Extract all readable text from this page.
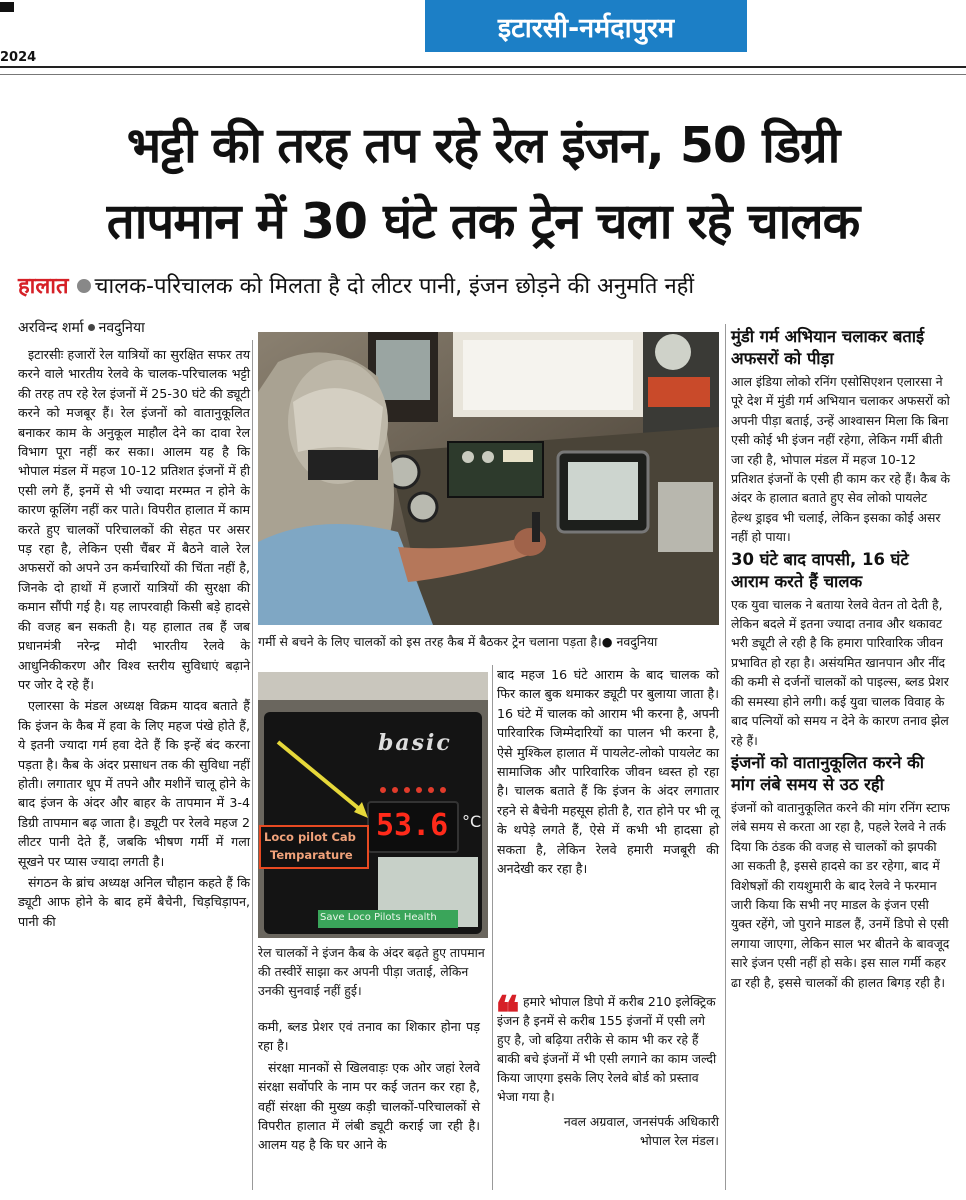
2024
इटारसी-नर्मदापुरम
भट्टी की तरह तप रहे रेल इंजन, 50 डिग्री
तापमान में 30 घंटे तक ट्रेन चला रहे चालक
हालात चालक-परिचालक को मिलता है दो लीटर पानी, इंजन छोड़ने की अनुमति नहीं
अरविन्द शर्मा नवदुनिया

इटारसीः हजारों रेल यात्रियों का सुरक्षित सफर तय करने वाले भारतीय रेलवे के चालक-परिचालक भट्टी की तरह तप रहे रेल इंजनों में 25-30 घंटे की ड्यूटी करने को मजबूर हैं। रेल इंजनों को वातानुकूलित बनाकर काम के अनुकूल माहौल देने का दावा रेल विभाग पूरा नहीं कर सका। आलम यह है कि भोपाल मंडल में महज 10-12 प्रतिशत इंजनों में ही एसी लगे हैं, इनमें से भी ज्यादा मरम्मत न होने के कारण कूलिंग नहीं कर पाते। विपरीत हालात में काम करते हुए चालकों परिचालकों की सेहत पर असर पड़ रहा है, लेकिन एसी चैंबर में बैठने वाले रेल अफसरों को अपने उन कर्मचारियों की चिंता नहीं है, जिनके दो हाथों में हजारों यात्रियों की सुरक्षा की कमान सौंपी गई है। यह लापरवाही किसी बड़े हादसे की वजह बन सकती है। यह हालात तब हैं जब प्रधानमंत्री नरेन्द्र मोदी भारतीय रेलवे के आधुनिकीकरण और विश्व स्तरीय सुविधाएं बढ़ाने पर जोर दे रहे हैं।

एलारसा के मंडल अध्यक्ष विक्रम यादव बताते हैं कि इंजन के कैब में हवा के लिए महज पंखे होते हैं, ये इतनी ज्यादा गर्म हवा देते हैं कि इन्हें बंद करना पड़ता है। कैब के अंदर प्रसाधन तक की सुविधा नहीं होती। लगातार धूप में तपने और मशीनें चालू होने के बाद इंजन के अंदर और बाहर के तापमान में 3-4 डिग्री तापमान बढ़ जाता है। ड्यूटी पर रेलवे महज 2 लीटर पानी देते हैं, जबकि भीषण गर्मी में गला सूखने पर प्यास ज्यादा लगती है।

संगठन के ब्रांच अध्यक्ष अनिल चौहान कहते हैं कि ड्यूटी आफ होने के बाद हमें बैचेनी, चिड़चिड़ापन, पानी की

गर्मी से बचने के लिए चालकों को इस तरह कैब में बैठकर ट्रेन चलाना पड़ता है।● नवदुनिया
basic
53.6 °C
Loco pilot Cab
Temparature
Save Loco Pilots Health
रेल चालकों ने इंजन कैब के अंदर बढ़ते हुए तापमान की तस्वीरें साझा कर अपनी पीड़ा जताई, लेकिन उनकी सुनवाई नहीं हुई।

बाद महज 16 घंटे आराम के बाद चालक को फिर काल बुक थमाकर ड्यूटी पर बुलाया जाता है। 16 घंटे में चालक को आराम भी करना है, अपनी पारिवारिक जिम्मेदारियों का पालन भी करना है, ऐसे मुश्किल हालात में पायलेट-लोको पायलेट का सामाजिक और पारिवारिक जीवन ध्वस्त हो रहा है। चालक बताते हैं कि इंजन के अंदर लगातार रहने से बैचेनी महसूस होती है, रात होने पर भी लू के थपेड़े लगते हैं, ऐसे में कभी भी हादसा हो सकता है, लेकिन रेलवे हमारी मजबूरी की अनदेखी कर रहा है।

कमी, ब्लड प्रेशर एवं तनाव का शिकार होना पड़ रहा है।

संरक्षा मानकों से खिलवाड़ः एक ओर जहां रेलवे संरक्षा सर्वोपरि के नाम पर कई जतन कर रहा है, वहीं संरक्षा की मुख्य कड़ी चालकों-परिचालकों से विपरीत हालात में लंबी ड्यूटी कराई जा रही है। आलम यह है कि घर आने के

❝ हमारे भोपाल डिपो में करीब 210 इलेक्ट्रिक इंजन है इनमें से करीब 155 इंजनों में एसी लगे हुए है, जो बढ़िया तरीके से काम भी कर रहे हैं बाकी बचे इंजनों में भी एसी लगाने का काम जल्दी किया जाएगा इसके लिए रेलवे बोर्ड को प्रस्ताव भेजा गया है।
नवल अग्रवाल, जनसंपर्क अधिकारी
भोपाल रेल मंडल।
मुंडी गर्म अभियान चलाकर बताई अफसरों को पीड़ा

आल इंडिया लोको रनिंग एसोसिएशन एलारसा ने पूरे देश में मुंडी गर्म अभियान चलाकर अफसरों को अपनी पीड़ा बताई, उन्हें आश्वासन मिला कि बिना एसी कोई भी इंजन नहीं रहेगा, लेकिन गर्मी बीती जा रही है, भोपाल मंडल में महज 10-12 प्रतिशत इंजनों के एसी ही काम कर रहे हैं। कैब के अंदर के हालात बताते हुए सेव लोको पायलेट हेल्थ ड्राइव भी चलाई, लेकिन इसका कोई असर नहीं हो पाया।

30 घंटे बाद वापसी, 16 घंटे आराम करते हैं चालक

एक युवा चालक ने बताया रेलवे वेतन तो देती है, लेकिन बदले में इतना ज्यादा तनाव और थकावट भरी ड्यूटी ले रही है कि हमारा पारिवारिक जीवन प्रभावित हो रहा है। असंयमित खानपान और नींद की कमी से दर्जनों चालकों को पाइल्स, ब्लड प्रेशर की समस्या होने लगी। कई युवा चालक विवाह के बाद पत्नियों को समय न देने के कारण तनाव झेल रहे हैं।

इंजनों को वातानुकूलित करने की मांग लंबे समय से उठ रही

इंजनों को वातानुकूलित करने की मांग रनिंग स्टाफ लंबे समय से करता आ रहा है, पहले रेलवे ने तर्क दिया कि ठंडक की वजह से चालकों को झपकी आ सकती है, इससे हादसे का डर रहेगा, बाद में विशेषज्ञों की रायशुमारी के बाद रेलवे ने फरमान जारी किया कि सभी नए माडल के इंजन एसी युक्त रहेंगे, जो पुराने माडल हैं, उनमें डिपो से एसी लगाया जाएगा, लेकिन साल भर बीतने के बावजूद सारे इंजन एसी नहीं हो सके। इस साल गर्मी कहर ढा रही है, इससे चालकों की हालत बिगड़ रही है।
